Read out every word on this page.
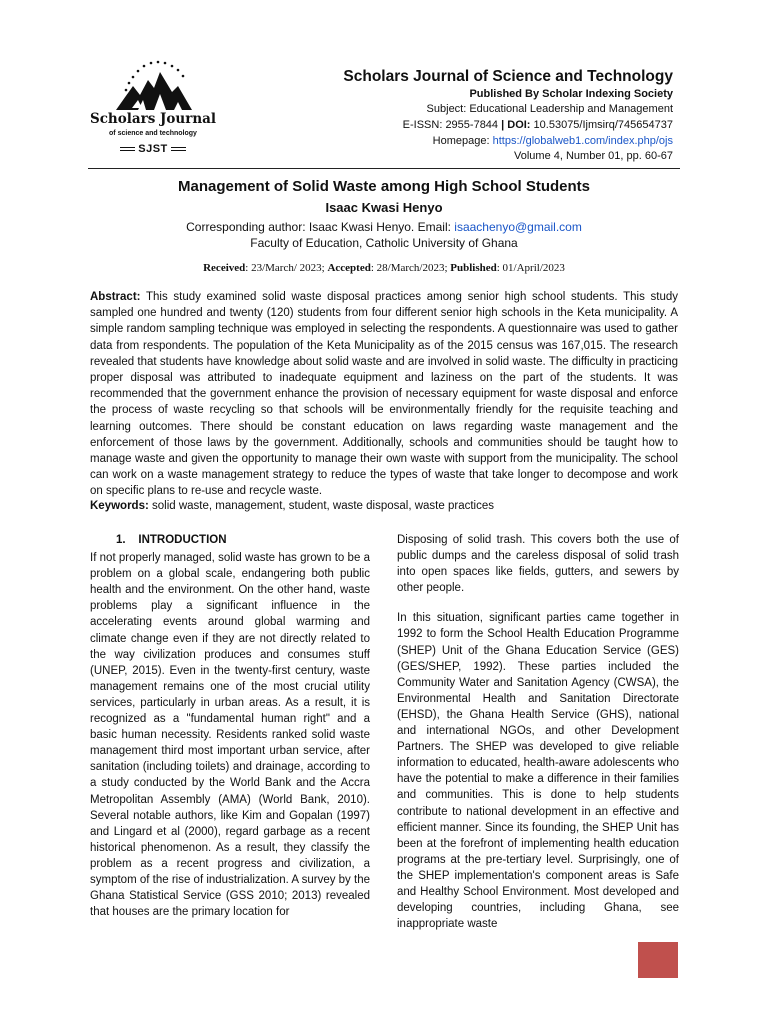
Scholars Journal
of science and technology
SJST
Scholars Journal of Science and Technology
Published By Scholar Indexing Society
Subject: Educational Leadership and Management
E-ISSN: 2955-7844 | DOI: 10.53075/Ijmsirq/745654737
Homepage: https://globalweb1.com/index.php/ojs
Volume 4, Number 01, pp. 60-67
Management of Solid Waste among High School Students
Isaac Kwasi Henyo
Corresponding author: Isaac Kwasi Henyo. Email: isaachenyo@gmail.com
Faculty of Education, Catholic University of Ghana
Received: 23/March/ 2023; Accepted: 28/March/2023; Published: 01/April/2023
Abstract: This study examined solid waste disposal practices among senior high school students. This study sampled one hundred and twenty (120) students from four different senior high schools in the Keta municipality. A simple random sampling technique was employed in selecting the respondents. A questionnaire was used to gather data from respondents. The population of the Keta Municipality as of the 2015 census was 167,015. The research revealed that students have knowledge about solid waste and are involved in solid waste. The difficulty in practicing proper disposal was attributed to inadequate equipment and laziness on the part of the students. It was recommended that the government enhance the provision of necessary equipment for waste disposal and enforce the process of waste recycling so that schools will be environmentally friendly for the requisite teaching and learning outcomes. There should be constant education on laws regarding waste management and the enforcement of those laws by the government. Additionally, schools and communities should be taught how to manage waste and given the opportunity to manage their own waste with support from the municipality. The school can work on a waste management strategy to reduce the types of waste that take longer to decompose and work on specific plans to re-use and recycle waste.
Keywords: solid waste, management, student, waste disposal, waste practices
1.    INTRODUCTION

If not properly managed, solid waste has grown to be a problem on a global scale, endangering both public health and the environment. On the other hand, waste problems play a significant influence in the accelerating events around global warming and climate change even if they are not directly related to the way civilization produces and consumes stuff (UNEP, 2015). Even in the twenty-first century, waste management remains one of the most crucial utility services, particularly in urban areas. As a result, it is recognized as a "fundamental human right" and a basic human necessity. Residents ranked solid waste management third most important urban service, after sanitation (including toilets) and drainage, according to a study conducted by the World Bank and the Accra Metropolitan Assembly (AMA) (World Bank, 2010). Several notable authors, like Kim and Gopalan (1997) and Lingard et al (2000), regard garbage as a recent historical phenomenon. As a result, they classify the problem as a recent progress and civilization, a symptom of the rise of industrialization. A survey by the Ghana Statistical Service (GSS 2010; 2013) revealed that houses are the primary location for

Disposing of solid trash. This covers both the use of public dumps and the careless disposal of solid trash into open spaces like fields, gutters, and sewers by other people.

In this situation, significant parties came together in 1992 to form the School Health Education Programme (SHEP) Unit of the Ghana Education Service (GES) (GES/SHEP, 1992). These parties included the Community Water and Sanitation Agency (CWSA), the Environmental Health and Sanitation Directorate (EHSD), the Ghana Health Service (GHS), national and international NGOs, and other Development Partners. The SHEP was developed to give reliable information to educated, health-aware adolescents who have the potential to make a difference in their families and communities. This is done to help students contribute to national development in an effective and efficient manner. Since its founding, the SHEP Unit has been at the forefront of implementing health education programs at the pre-tertiary level. Surprisingly, one of the SHEP implementation's component areas is Safe and Healthy School Environment. Most developed and developing countries, including Ghana, see inappropriate waste
